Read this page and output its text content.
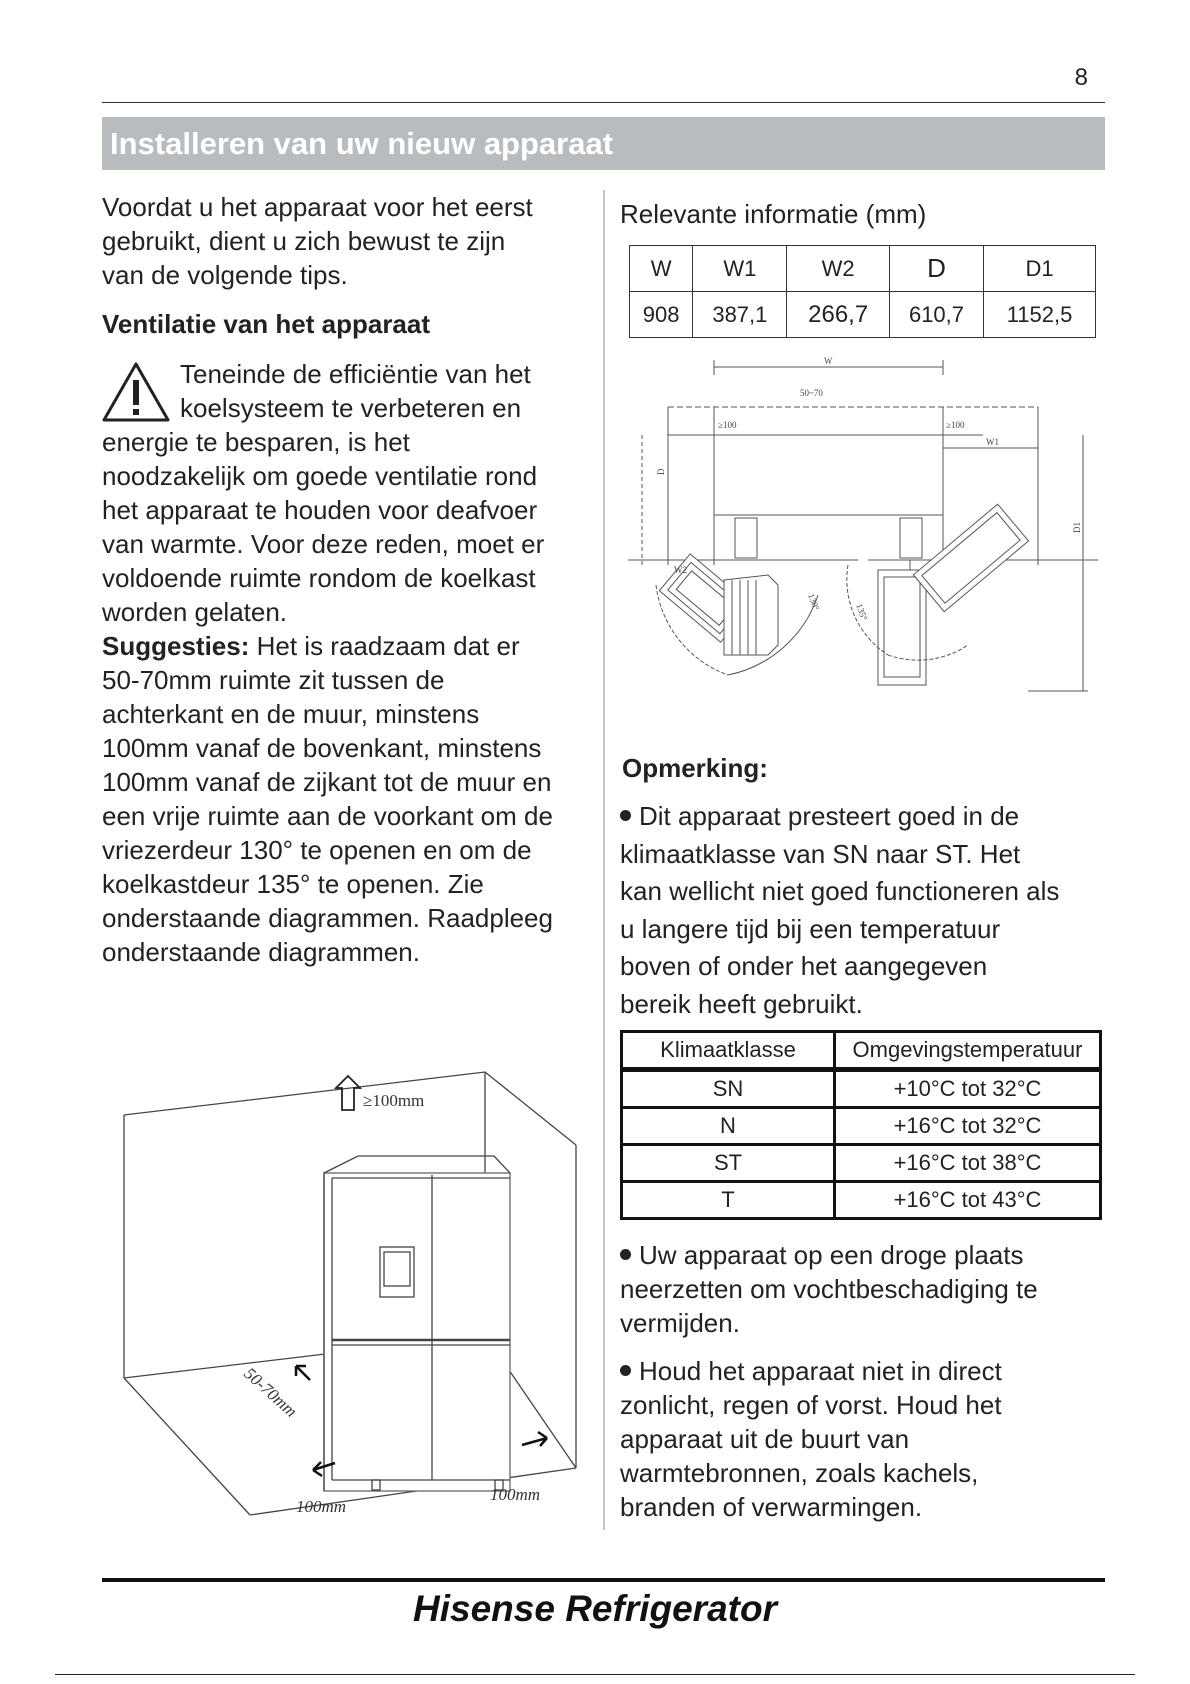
8
Installeren van uw nieuw apparaat
Voordat u het apparaat voor het eerst
gebruikt, dient u zich bewust te zijn
van de volgende tips.
Ventilatie van het apparaat
Teneinde de efficiëntie van het
koelsysteem te verbeteren en
energie te besparen, is het
noodzakelijk om goede ventilatie rond
het apparaat te houden voor deafvoer
van warmte. Voor deze reden, moet er
voldoende ruimte rondom de koelkast
worden gelaten.
Suggesties: Het is raadzaam dat er
50-70mm ruimte zit tussen de
achterkant en de muur, minstens
100mm vanaf de bovenkant, minstens
100mm vanaf de zijkant tot de muur en
een vrije ruimte aan de voorkant om de
vriezerdeur 130° te openen en om de
koelkastdeur 135° te openen. Zie
onderstaande diagrammen. Raadpleeg
onderstaande diagrammen.
≥100mm
50-70mm
100mm
100mm
Relevante informatie (mm)
W	W1	W2	D	D1
908	387,1	266,7	610,7	1152,5
W
50~70
≥100	≥100
W1
W2
D
D1
130°
135°
Opmerking:
Dit apparaat presteert goed in de
klimaatklasse van SN naar ST. Het
kan wellicht niet goed functioneren als
u langere tijd bij een temperatuur
boven of onder het aangegeven
bereik heeft gebruikt.
Klimaatklasse	Omgevingstemperatuur
SN	+10°C tot 32°C
N	+16°C tot 32°C
ST	+16°C tot 38°C
T	+16°C tot 43°C
Uw apparaat op een droge plaats
neerzetten om vochtbeschadiging te
vermijden.
Houd het apparaat niet in direct
zonlicht, regen of vorst. Houd het
apparaat uit de buurt van
warmtebronnen, zoals kachels,
branden of verwarmingen.
Hisense Refrigerator
